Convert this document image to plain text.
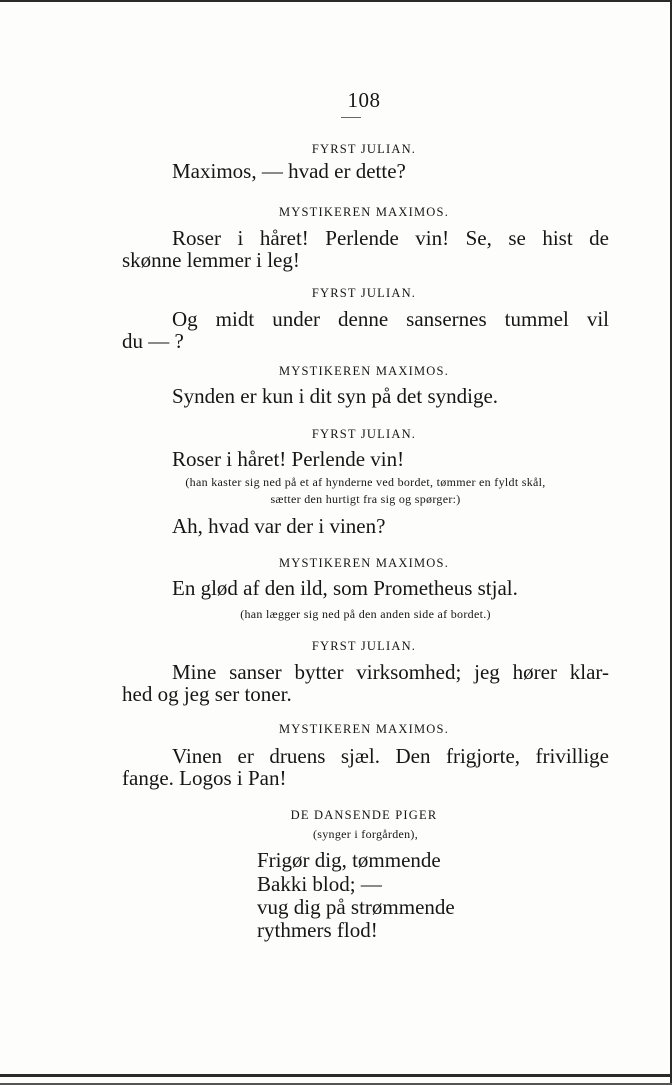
108
FYRST JULIAN.
Maximos, — hvad er dette?
MYSTIKEREN MAXIMOS.
Roser i håret! Perlende vin! Se, se hist de
skønne lemmer i leg!
FYRST JULIAN.
Og midt under denne sansernes tummel vil
du — ?
MYSTIKEREN MAXIMOS.
Synden er kun i dit syn på det syndige.
FYRST JULIAN.
Roser i håret! Perlende vin!
(han kaster sig ned på et af hynderne ved bordet, tømmer en fyldt skål,
sætter den hurtigt fra sig og spørger:)
Ah, hvad var der i vinen?
MYSTIKEREN MAXIMOS.
En glød af den ild, som Prometheus stjal.
(han lægger sig ned på den anden side af bordet.)
FYRST JULIAN.
Mine sanser bytter virksomhed; jeg hører klar-
hed og jeg ser toner.
MYSTIKEREN MAXIMOS.
Vinen er druens sjæl. Den frigjorte, frivillige
fange. Logos i Pan!
DE DANSENDE PIGER
(synger i forgården),
Frigør dig, tømmende
Bakki blod; —
vug dig på strømmende
rythmers flod!
